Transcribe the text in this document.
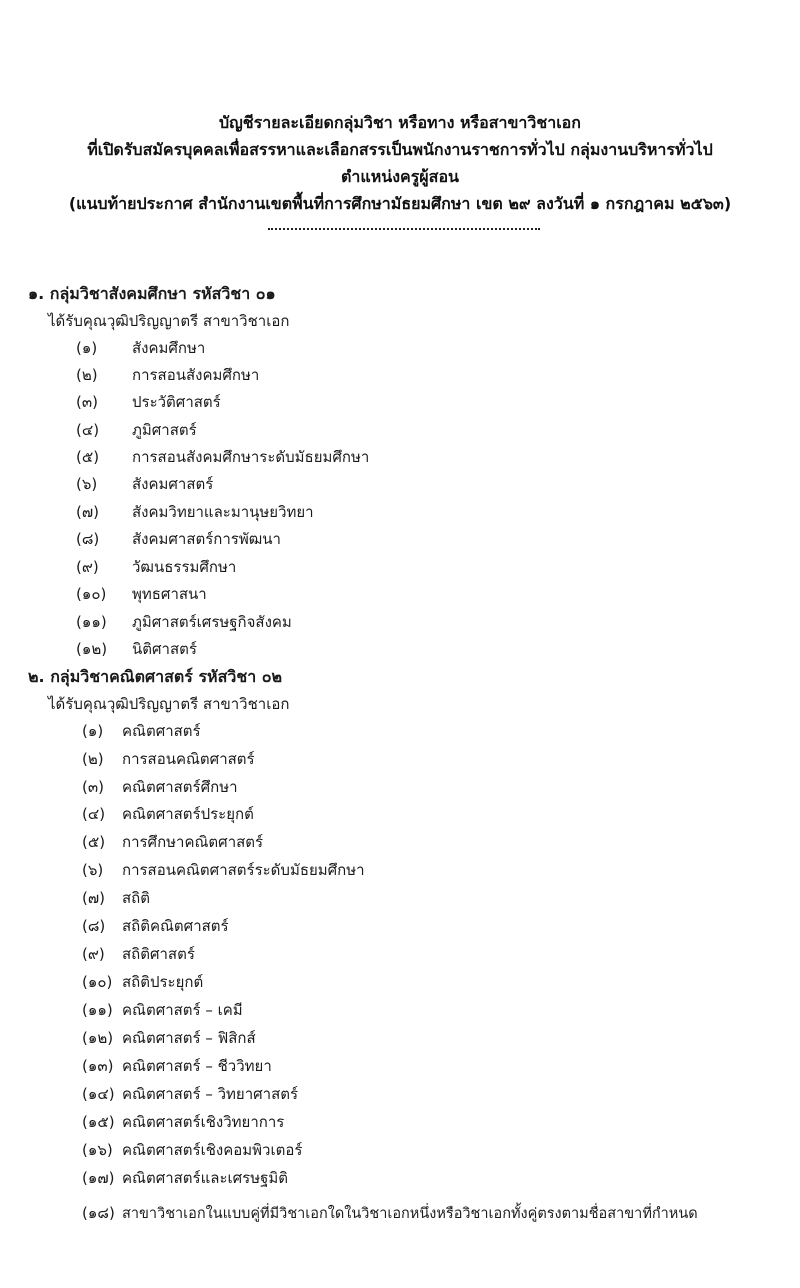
บัญชีรายละเอียดกลุ่มวิชา หรือทาง หรือสาขาวิชาเอก
ที่เปิดรับสมัครบุคคลเพื่อสรรหาและเลือกสรรเป็นพนักงานราชการทั่วไป กลุ่มงานบริหารทั่วไป
ตำแหน่งครูผู้สอน
(แนบท้ายประกาศ สำนักงานเขตพื้นที่การศึกษามัธยมศึกษา เขต ๒๙ ลงวันที่ ๑ กรกฎาคม ๒๕๖๓)
๑. กลุ่มวิชาสังคมศึกษา รหัสวิชา ๐๑
ได้รับคุณวุฒิปริญญาตรี สาขาวิชาเอก
(๑) สังคมศึกษา
(๒) การสอนสังคมศึกษา
(๓) ประวัติศาสตร์
(๔) ภูมิศาสตร์
(๕) การสอนสังคมศึกษาระดับมัธยมศึกษา
(๖) สังคมศาสตร์
(๗) สังคมวิทยาและมานุษยวิทยา
(๘) สังคมศาสตร์การพัฒนา
(๙) วัฒนธรรมศึกษา
(๑๐) พุทธศาสนา
(๑๑) ภูมิศาสตร์เศรษฐกิจสังคม
(๑๒) นิติศาสตร์
๒. กลุ่มวิชาคณิตศาสตร์ รหัสวิชา ๐๒
ได้รับคุณวุฒิปริญญาตรี สาขาวิชาเอก
(๑) คณิตศาสตร์
(๒) การสอนคณิตศาสตร์
(๓) คณิตศาสตร์ศึกษา
(๔) คณิตศาสตร์ประยุกต์
(๕) การศึกษาคณิตศาสตร์
(๖) การสอนคณิตศาสตร์ระดับมัธยมศึกษา
(๗) สถิติ
(๘) สถิติคณิตศาสตร์
(๙) สถิติศาสตร์
(๑๐) สถิติประยุกต์
(๑๑) คณิตศาสตร์ – เคมี
(๑๒) คณิตศาสตร์ – ฟิสิกส์
(๑๓) คณิตศาสตร์ – ชีววิทยา
(๑๔) คณิตศาสตร์ – วิทยาศาสตร์
(๑๕) คณิตศาสตร์เชิงวิทยาการ
(๑๖) คณิตศาสตร์เชิงคอมพิวเตอร์
(๑๗) คณิตศาสตร์และเศรษฐมิติ
(๑๘) สาขาวิชาเอกในแบบคู่ที่มีวิชาเอกใดในวิชาเอกหนึ่งหรือวิชาเอกทั้งคู่ตรงตามชื่อสาขาที่กำหนด
